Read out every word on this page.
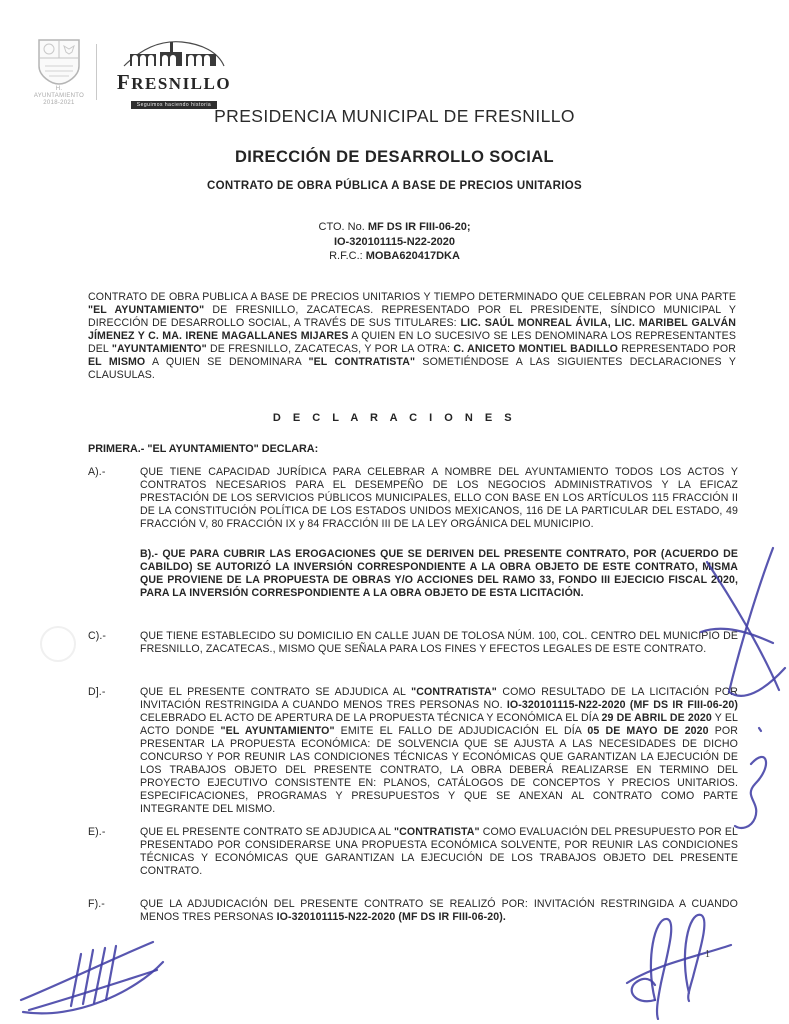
H. AYUNTAMIENTO
2018-2021
FRESNILLO
Seguimos haciendo historia
PRESIDENCIA MUNICIPAL DE FRESNILLO
DIRECCIÓN DE DESARROLLO SOCIAL
CONTRATO DE OBRA PÚBLICA A BASE DE PRECIOS UNITARIOS
CTO. No. MF DS IR FIII-06-20;
IO-320101115-N22-2020
R.F.C.: MOBA620417DKA
CONTRATO DE OBRA PUBLICA A BASE DE PRECIOS UNITARIOS Y TIEMPO DETERMINADO QUE CELEBRAN POR UNA PARTE "EL AYUNTAMIENTO" DE FRESNILLO, ZACATECAS. REPRESENTADO POR EL PRESIDENTE, SÍNDICO MUNICIPAL Y DIRECCIÓN DE DESARROLLO SOCIAL, A TRAVÉS DE SUS TITULARES: LIC. SAÚL MONREAL ÁVILA, LIC. MARIBEL GALVÁN JÍMENEZ Y C. MA. IRENE MAGALLANES MIJARES A QUIEN EN LO SUCESIVO SE LES DENOMINARA LOS REPRESENTANTES DEL "AYUNTAMIENTO" DE FRESNILLO, ZACATECAS, Y POR LA OTRA: C. ANICETO MONTIEL BADILLO REPRESENTADO POR EL MISMO A QUIEN SE DENOMINARA "EL CONTRATISTA" SOMETIÉNDOSE A LAS SIGUIENTES DECLARACIONES Y CLAUSULAS.
D E C L A R A C I O N E S
PRIMERA.- "EL AYUNTAMIENTO" DECLARA:
A).-	QUE TIENE CAPACIDAD JURÍDICA PARA CELEBRAR A NOMBRE DEL AYUNTAMIENTO TODOS LOS ACTOS Y CONTRATOS NECESARIOS PARA EL DESEMPEÑO DE LOS NEGOCIOS ADMINISTRATIVOS Y LA EFICAZ PRESTACIÓN DE LOS SERVICIOS PÚBLICOS MUNICIPALES, ELLO CON BASE EN LOS ARTÍCULOS 115 FRACCIÓN II DE LA CONSTITUCIÓN POLÍTICA DE LOS ESTADOS UNIDOS MEXICANOS, 116 DE LA PARTICULAR DEL ESTADO, 49 FRACCIÓN V, 80 FRACCIÓN IX y 84 FRACCIÓN III DE LA LEY ORGÁNICA DEL MUNICIPIO.
B).- QUE PARA CUBRIR LAS EROGACIONES QUE SE DERIVEN DEL PRESENTE CONTRATO, POR (ACUERDO DE CABILDO) SE AUTORIZÓ LA INVERSIÓN CORRESPONDIENTE A LA OBRA OBJETO DE ESTE CONTRATO, MISMA QUE PROVIENE DE LA PROPUESTA DE OBRAS Y/O ACCIONES DEL RAMO 33, FONDO III EJECICIO FISCAL 2020, PARA LA INVERSIÓN CORRESPONDIENTE A LA OBRA OBJETO DE ESTA LICITACIÓN.
C).-	QUE TIENE ESTABLECIDO SU DOMICILIO EN CALLE JUAN DE TOLOSA NÚM. 100, COL. CENTRO DEL MUNICIPIO DE FRESNILLO, ZACATECAS., MISMO QUE SEÑALA PARA LOS FINES Y EFECTOS LEGALES DE ESTE CONTRATO.
D].-	QUE EL PRESENTE CONTRATO SE ADJUDICA AL "CONTRATISTA" COMO RESULTADO DE LA LICITACIÓN POR INVITACIÓN RESTRINGIDA A CUANDO MENOS TRES PERSONAS NO. IO-320101115-N22-2020 (MF DS IR FIII-06-20) CELEBRADO EL ACTO DE APERTURA DE LA PROPUESTA TÉCNICA Y ECONÓMICA EL DÍA 29 DE ABRIL DE 2020 Y EL ACTO DONDE "EL AYUNTAMIENTO" EMITE EL FALLO DE ADJUDICACIÓN EL DÍA 05 DE MAYO DE 2020 POR PRESENTAR LA PROPUESTA ECONÓMICA: DE SOLVENCIA QUE SE AJUSTA A LAS NECESIDADES DE DICHO CONCURSO Y POR REUNIR LAS CONDICIONES TÉCNICAS Y ECONÓMICAS QUE GARANTIZAN LA EJECUCIÓN DE LOS TRABAJOS OBJETO DEL PRESENTE CONTRATO, LA OBRA DEBERÁ REALIZARSE EN TERMINO DEL PROYECTO EJECUTIVO CONSISTENTE EN: PLANOS, CATÁLOGOS DE CONCEPTOS Y PRECIOS UNITARIOS. ESPECIFICACIONES, PROGRAMAS Y PRESUPUESTOS Y QUE SE ANEXAN AL CONTRATO COMO PARTE INTEGRANTE DEL MISMO.
E).-	QUE EL PRESENTE CONTRATO SE ADJUDICA AL "CONTRATISTA" COMO EVALUACIÓN DEL PRESUPUESTO POR EL PRESENTADO POR CONSIDERARSE UNA PROPUESTA ECONÓMICA SOLVENTE, POR REUNIR LAS CONDICIONES TÉCNICAS Y ECONÓMICAS QUE GARANTIZAN LA EJECUCIÓN DE LOS TRABAJOS OBJETO DEL PRESENTE CONTRATO.
F).-	QUE LA ADJUDICACIÓN DEL PRESENTE CONTRATO SE REALIZÓ POR: INVITACIÓN RESTRINGIDA A CUANDO MENOS TRES PERSONAS IO-320101115-N22-2020 (MF DS IR FIII-06-20).
1
